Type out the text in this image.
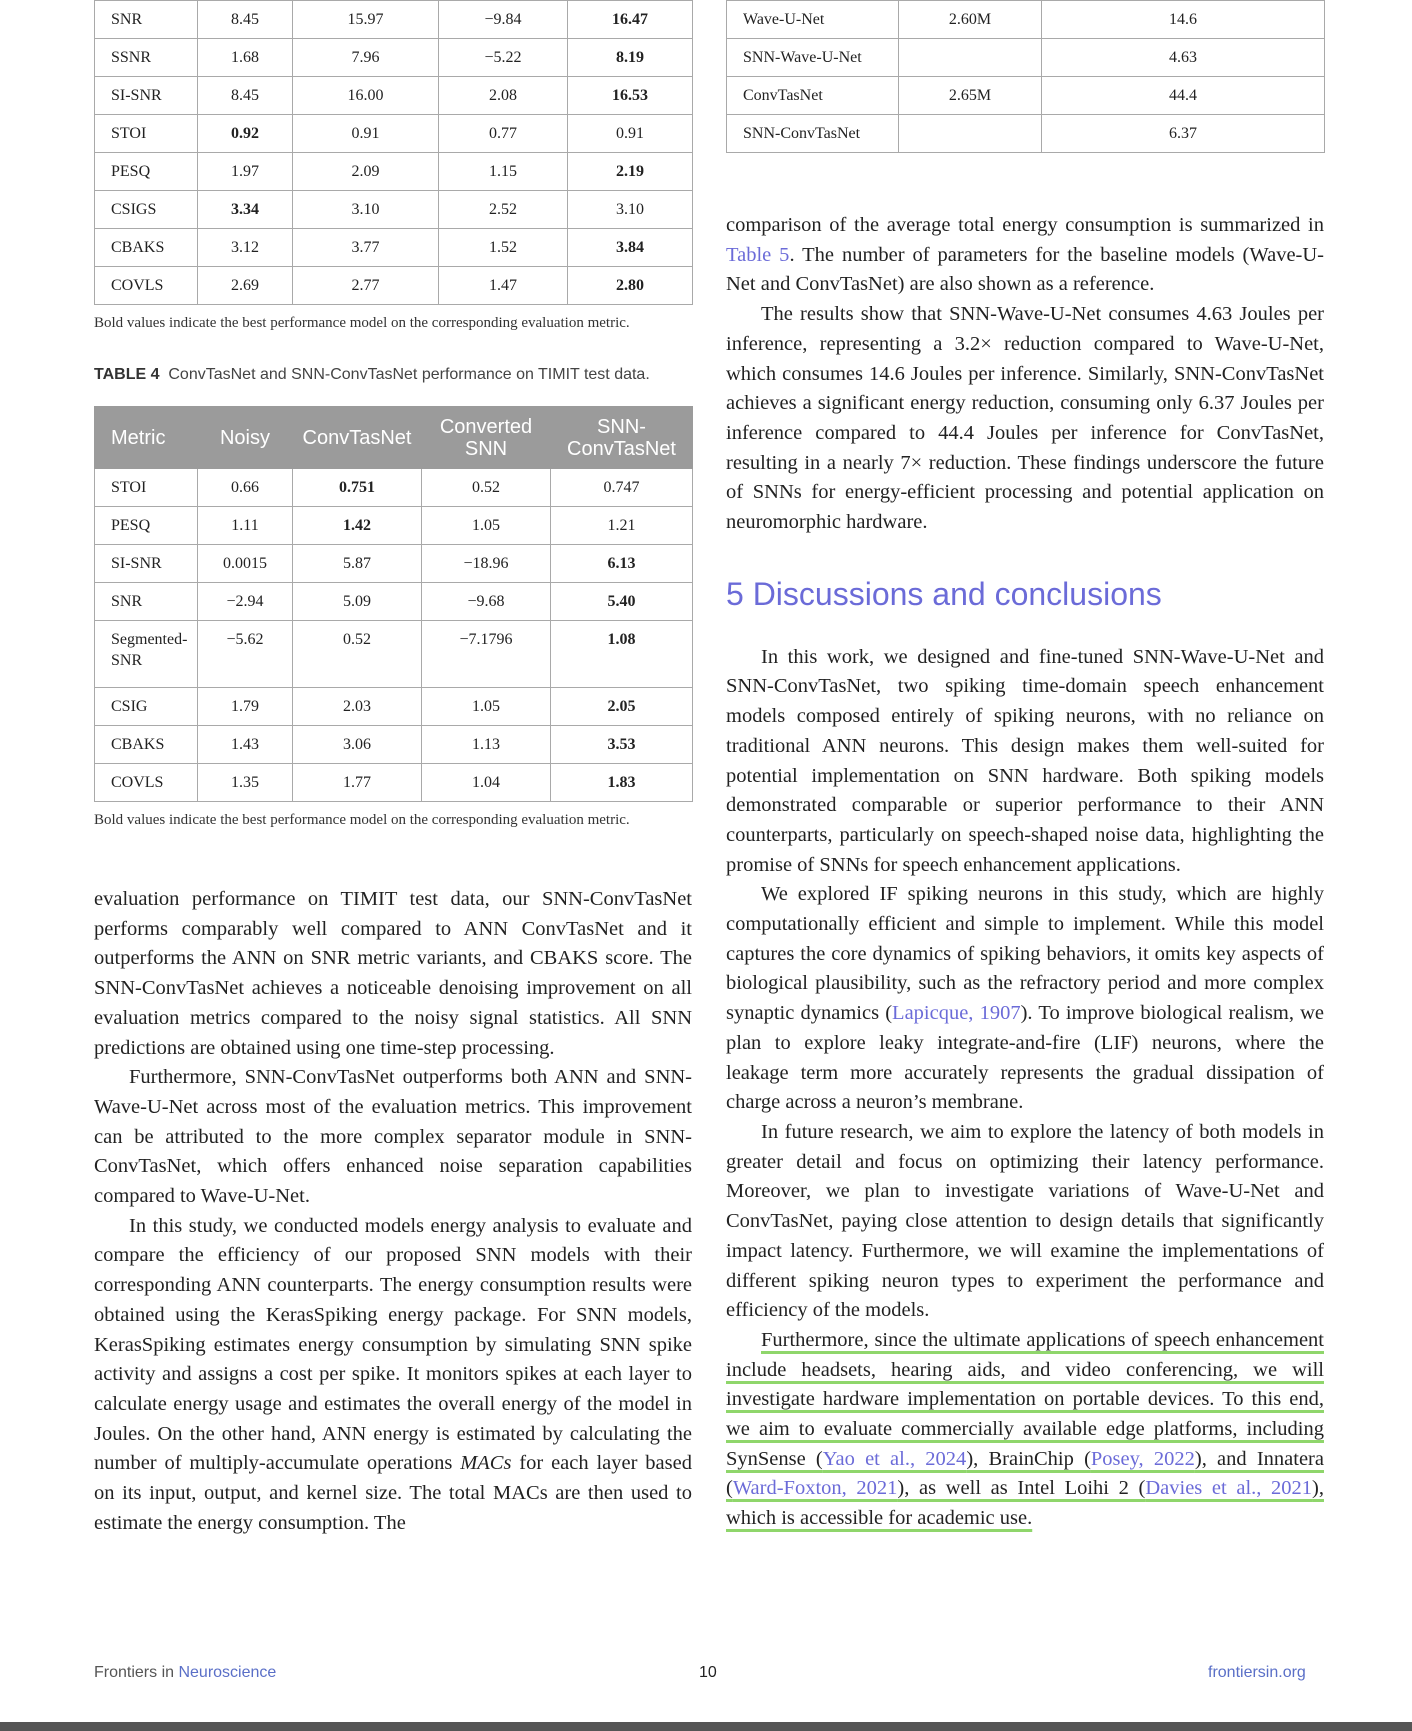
SNR	8.45	15.97	−9.84	16.47
SSNR	1.68	7.96	−5.22	8.19
SI-SNR	8.45	16.00	2.08	16.53
STOI	0.92	0.91	0.77	0.91
PESQ	1.97	2.09	1.15	2.19
CSIGS	3.34	3.10	2.52	3.10
CBAKS	3.12	3.77	1.52	3.84
COVLS	2.69	2.77	1.47	2.80
Bold values indicate the best performance model on the corresponding evaluation metric.
TABLE 4 ConvTasNet and SNN-ConvTasNet performance on TIMIT test data.
Metric	Noisy	ConvTasNet	Converted SNN	SNN-ConvTasNet
STOI	0.66	0.751	0.52	0.747
PESQ	1.11	1.42	1.05	1.21
SI-SNR	0.0015	5.87	−18.96	6.13
SNR	−2.94	5.09	−9.68	5.40
Segmented-SNR	−5.62	0.52	−7.1796	1.08
CSIG	1.79	2.03	1.05	2.05
CBAKS	1.43	3.06	1.13	3.53
COVLS	1.35	1.77	1.04	1.83
Bold values indicate the best performance model on the corresponding evaluation metric.

evaluation performance on TIMIT test data, our SNN-ConvTasNet performs comparably well compared to ANN ConvTasNet and it outperforms the ANN on SNR metric variants, and CBAKS score. The SNN-ConvTasNet achieves a noticeable denoising improvement on all evaluation metrics compared to the noisy signal statistics. All SNN predictions are obtained using one time-step processing.

Furthermore, SNN-ConvTasNet outperforms both ANN and SNN-Wave-U-Net across most of the evaluation metrics. This improvement can be attributed to the more complex separator module in SNN-ConvTasNet, which offers enhanced noise separation capabilities compared to Wave-U-Net.

In this study, we conducted models energy analysis to evaluate and compare the efficiency of our proposed SNN models with their corresponding ANN counterparts. The energy consumption results were obtained using the KerasSpiking energy package. For SNN models, KerasSpiking estimates energy consumption by simulating SNN spike activity and assigns a cost per spike. It monitors spikes at each layer to calculate energy usage and estimates the overall energy of the model in Joules. On the other hand, ANN energy is estimated by calculating the number of multiply-accumulate operations MACs for each layer based on its input, output, and kernel size. The total MACs are then used to estimate the energy consumption. The

Wave-U-Net	2.60M	14.6
SNN-Wave-U-Net		4.63
ConvTasNet	2.65M	44.4
SNN-ConvTasNet		6.37

comparison of the average total energy consumption is summarized in Table 5. The number of parameters for the baseline models (Wave-U-Net and ConvTasNet) are also shown as a reference.

The results show that SNN-Wave-U-Net consumes 4.63 Joules per inference, representing a 3.2× reduction compared to Wave-U-Net, which consumes 14.6 Joules per inference. Similarly, SNN-ConvTasNet achieves a significant energy reduction, consuming only 6.37 Joules per inference compared to 44.4 Joules per inference for ConvTasNet, resulting in a nearly 7× reduction. These findings underscore the future of SNNs for energy-efficient processing and potential application on neuromorphic hardware.

5 Discussions and conclusions

In this work, we designed and fine-tuned SNN-Wave-U-Net and SNN-ConvTasNet, two spiking time-domain speech enhancement models composed entirely of spiking neurons, with no reliance on traditional ANN neurons. This design makes them well-suited for potential implementation on SNN hardware. Both spiking models demonstrated comparable or superior performance to their ANN counterparts, particularly on speech-shaped noise data, highlighting the promise of SNNs for speech enhancement applications.

We explored IF spiking neurons in this study, which are highly computationally efficient and simple to implement. While this model captures the core dynamics of spiking behaviors, it omits key aspects of biological plausibility, such as the refractory period and more complex synaptic dynamics (Lapicque, 1907). To improve biological realism, we plan to explore leaky integrate-and-fire (LIF) neurons, where the leakage term more accurately represents the gradual dissipation of charge across a neuron’s membrane.

In future research, we aim to explore the latency of both models in greater detail and focus on optimizing their latency performance. Moreover, we plan to investigate variations of Wave-U-Net and ConvTasNet, paying close attention to design details that significantly impact latency. Furthermore, we will examine the implementations of different spiking neuron types to experiment the performance and efficiency of the models.

Furthermore, since the ultimate applications of speech enhancement include headsets, hearing aids, and video conferencing, we will investigate hardware implementation on portable devices. To this end, we aim to evaluate commercially available edge platforms, including SynSense (Yao et al., 2024), BrainChip (Posey, 2022), and Innatera (Ward-Foxton, 2021), as well as Intel Loihi 2 (Davies et al., 2021), which is accessible for academic use.

Frontiers in Neuroscience	10	frontiersin.org
